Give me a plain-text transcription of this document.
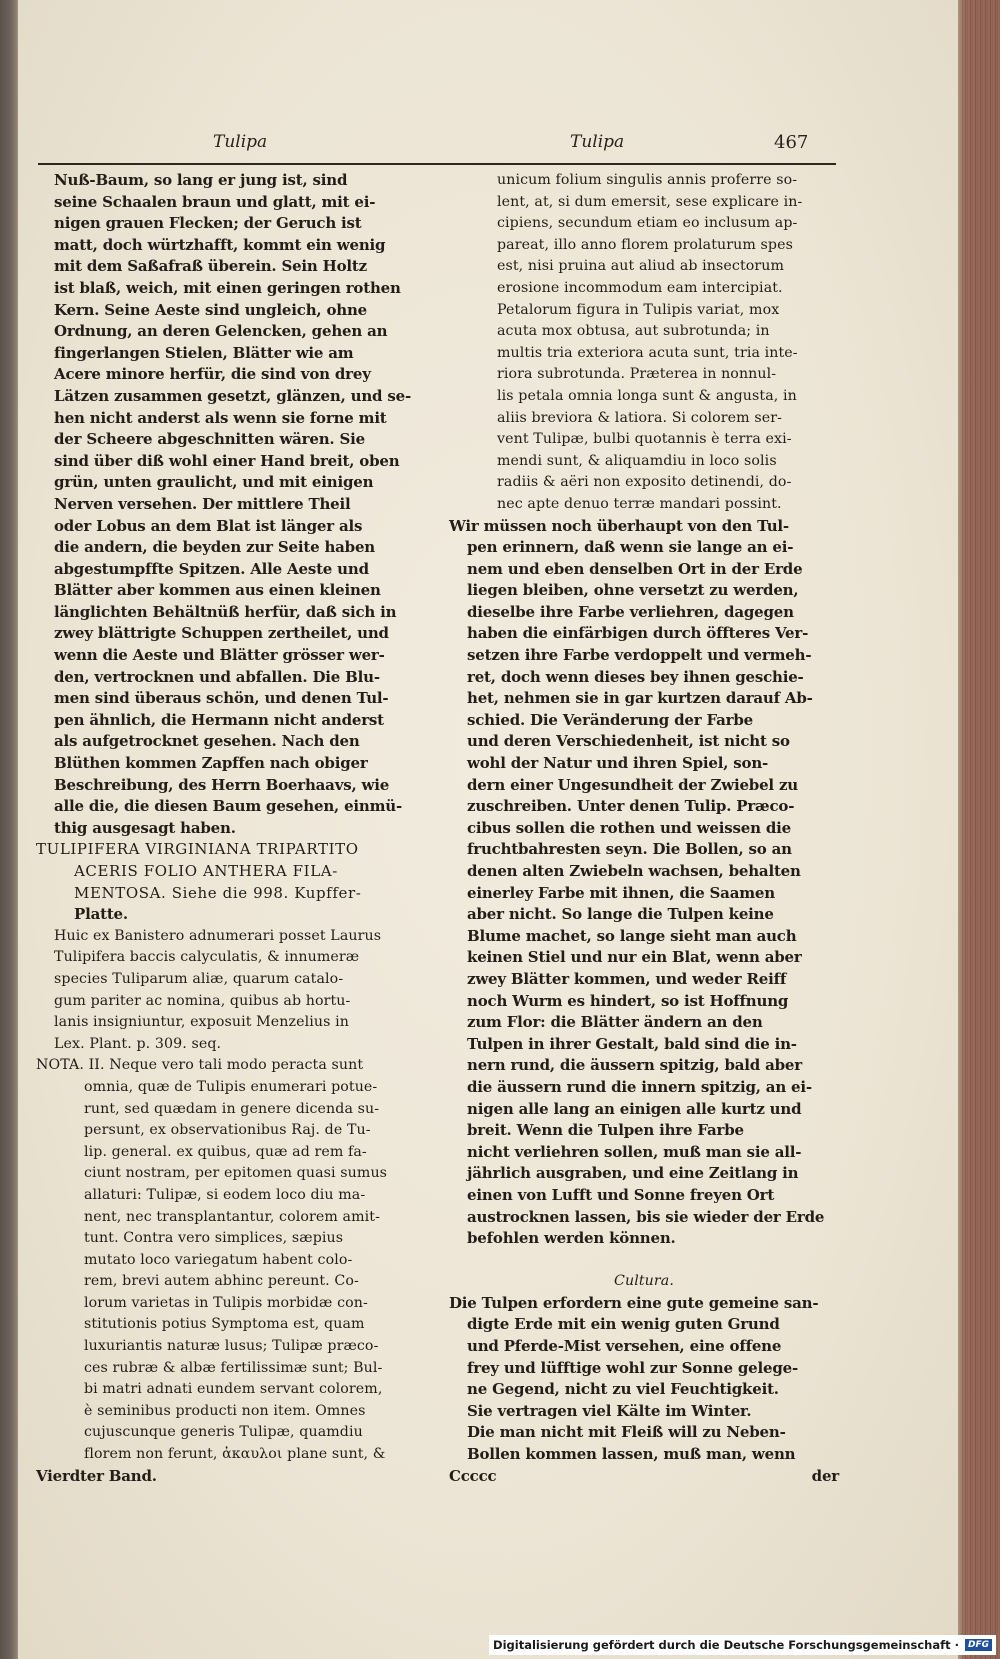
Tulipa	Tulipa	467
Nuß-Baum, so lang er jung ist, sind
seine Schaalen braun und glatt, mit ei-
nigen grauen Flecken; der Geruch ist
matt, doch würtzhafft, kommt ein wenig
mit dem Saßafraß überein. Sein Holtz
ist blaß, weich, mit einen geringen rothen
Kern. Seine Aeste sind ungleich, ohne
Ordnung, an deren Gelencken, gehen an
fingerlangen Stielen, Blätter wie am
Acere minore herfür, die sind von drey
Lätzen zusammen gesetzt, glänzen, und se-
hen nicht anderst als wenn sie forne mit
der Scheere abgeschnitten wären. Sie
sind über diß wohl einer Hand breit, oben
grün, unten graulicht, und mit einigen
Nerven versehen. Der mittlere Theil
oder Lobus an dem Blat ist länger als
die andern, die beyden zur Seite haben
abgestumpffte Spitzen. Alle Aeste und
Blätter aber kommen aus einen kleinen
länglichten Behältnüß herfür, daß sich in
zwey blättrigte Schuppen zertheilet, und
wenn die Aeste und Blätter grösser wer-
den, vertrocknen und abfallen. Die Blu-
men sind überaus schön, und denen Tul-
pen ähnlich, die Hermann nicht anderst
als aufgetrocknet gesehen. Nach den
Blüthen kommen Zapffen nach obiger
Beschreibung, des Herrn Boerhaavs, wie
alle die, die diesen Baum gesehen, einmü-
thig ausgesagt haben.
TULIPIFERA VIRGINIANA TRIPARTITO
ACERIS FOLIO ANTHERA FILA-
MENTOSA. Siehe die 998. Kupffer-
Platte.
Huic ex Banistero adnumerari posset Laurus
Tulipifera baccis calyculatis, & innumeræ
species Tuliparum aliæ, quarum catalo-
gum pariter ac nomina, quibus ab hortu-
lanis insigniuntur, exposuit Menzelius in
Lex. Plant. p. 309. seq.
NOTA. II. Neque vero tali modo peracta sunt
omnia, quæ de Tulipis enumerari potue-
runt, sed quædam in genere dicenda su-
persunt, ex observationibus Raj. de Tu-
lip. general. ex quibus, quæ ad rem fa-
ciunt nostram, per epitomen quasi sumus
allaturi: Tulipæ, si eodem loco diu ma-
nent, nec transplantantur, colorem amit-
tunt. Contra vero simplices, sæpius
mutato loco variegatum habent colo-
rem, brevi autem abhinc pereunt. Co-
lorum varietas in Tulipis morbidæ con-
stitutionis potius Symptoma est, quam
luxuriantis naturæ lusus; Tulipæ præco-
ces rubræ & albæ fertilissimæ sunt; Bul-
bi matri adnati eundem servant colorem,
è seminibus producti non item. Omnes
cujuscunque generis Tulipæ, quamdiu
florem non ferunt, ἀκαυλοι plane sunt, &
Vierdter Band.
unicum folium singulis annis proferre so-
lent, at, si dum emersit, sese explicare in-
cipiens, secundum etiam eo inclusum ap-
pareat, illo anno florem prolaturum spes
est, nisi pruina aut aliud ab insectorum
erosione incommodum eam intercipiat.
Petalorum figura in Tulipis variat, mox
acuta mox obtusa, aut subrotunda; in
multis tria exteriora acuta sunt, tria inte-
riora subrotunda. Præterea in nonnul-
lis petala omnia longa sunt & angusta, in
aliis breviora & latiora. Si colorem ser-
vent Tulipæ, bulbi quotannis è terra exi-
mendi sunt, & aliquamdiu in loco solis
radiis & aëri non exposito detinendi, do-
nec apte denuo terræ mandari possint.
Wir müssen noch überhaupt von den Tul-
pen erinnern, daß wenn sie lange an ei-
nem und eben denselben Ort in der Erde
liegen bleiben, ohne versetzt zu werden,
dieselbe ihre Farbe verliehren, dagegen
haben die einfärbigen durch öffteres Ver-
setzen ihre Farbe verdoppelt und vermeh-
ret, doch wenn dieses bey ihnen geschie-
het, nehmen sie in gar kurtzen darauf Ab-
schied. Die Veränderung der Farbe
und deren Verschiedenheit, ist nicht so
wohl der Natur und ihren Spiel, son-
dern einer Ungesundheit der Zwiebel zu
zuschreiben. Unter denen Tulip. Præco-
cibus sollen die rothen und weissen die
fruchtbahresten seyn. Die Bollen, so an
denen alten Zwiebeln wachsen, behalten
einerley Farbe mit ihnen, die Saamen
aber nicht. So lange die Tulpen keine
Blume machet, so lange sieht man auch
keinen Stiel und nur ein Blat, wenn aber
zwey Blätter kommen, und weder Reiff
noch Wurm es hindert, so ist Hoffnung
zum Flor: die Blätter ändern an den
Tulpen in ihrer Gestalt, bald sind die in-
nern rund, die äussern spitzig, bald aber
die äussern rund die innern spitzig, an ei-
nigen alle lang an einigen alle kurtz und
breit. Wenn die Tulpen ihre Farbe
nicht verliehren sollen, muß man sie all-
jährlich ausgraben, und eine Zeitlang in
einen von Lufft und Sonne freyen Ort
austrocknen lassen, bis sie wieder der Erde
befohlen werden können.
Cultura.
Die Tulpen erfordern eine gute gemeine san-
digte Erde mit ein wenig guten Grund
und Pferde-Mist versehen, eine offene
frey und lüfftige wohl zur Sonne gelege-
ne Gegend, nicht zu viel Feuchtigkeit.
Sie vertragen viel Kälte im Winter.
Die man nicht mit Fleiß will zu Neben-
Bollen kommen lassen, muß man, wenn
Ccccc	der
Digitalisierung gefördert durch die Deutsche Forschungsgemeinschaft ·	DFG
